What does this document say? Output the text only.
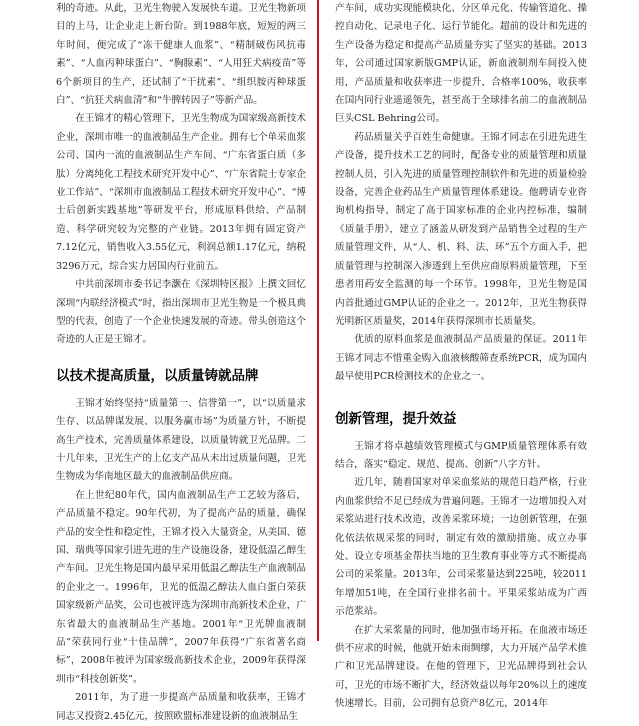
利的奇迹。从此，卫光生物驶入发展快车道。卫光生物新项目的上马，让企业走上新台阶。到1988年底，短短的两三年时间，便完成了“冻干健康人血浆”、“精制破伤风抗毒素”、“人血丙种球蛋白”、“胸腺素”、“人用狂犬病疫苗”等6个新项目的生产，还试制了“干扰素”、“组织胺丙种球蛋白”、“抗狂犬病血清”和“牛脾转因子”等新产品。

在王锦才的精心管理下，卫光生物成为国家级高新技术企业，深圳市唯一的血液制品生产企业。拥有七个单采血浆公司、国内一流的血液制品生产车间、“广东省蛋白质（多肽）分离纯化工程技术研究开发中心”、“广东省院士专家企业工作站”、“深圳市血液制品工程技术研究开发中心”、“博士后创新实践基地”等研发平台，形成原料供给、产品制造、科学研究较为完整的产业链。2013年拥有固定资产7.12亿元，销售收入3.55亿元，利润总额1.17亿元，纳税3296万元，综合实力居国内行业前五。

中共前深圳市委书记李灏在《深圳特区报》上撰文回忆深圳“内联经济模式”时，指出深圳市卫光生物是一个极具典型的代表，创造了一个企业快速发展的奇迹。带头创造这个奇迹的人正是王锦才。

以技术提高质量，以质量铸就品牌

王锦才始终坚持“质量第一、信誉第一”，以“以质量求生存、以品牌谋发展、以服务赢市场”为质量方针，不断提高生产技术，完善质量体系建设，以质量铸就卫光品牌。二十几年来，卫光生产的上亿支产品从未出过质量问题，卫光生物成为华南地区最大的血液制品供应商。

在上世纪80年代，国内血液制品生产工艺较为落后，产品质量不稳定。90年代初，为了提高产品的质量，确保产品的安全性和稳定性，王锦才投入大量资金，从美国、德国、瑞典等国家引进先进的生产设施设备，建设低温乙醇生产车间。卫光生物是国内最早采用低温乙醇法生产血液制品的企业之一。1996年，卫光的低温乙醇法人血白蛋白荣获国家级新产品奖，公司也被评选为深圳市高新技术企业，广东省最大的血液制品生产基地。2001年“卫光牌血液制品”荣获同行业“十佳品牌”，2007年获得“广东省著名商标”，2008年被评为国家级高新技术企业，2009年获得深圳市“科技创新奖”。

2011年，为了进一步提高产品质量和收获率，王锦才同志又投资2.45亿元，按照欧盟标准建设新的血液制品生

产车间，成功实现能模块化、分区单元化、传输管道化、操控自动化、记录电子化、运行节能化。超前的设计和先进的生产设备为稳定和提高产品质量夯实了坚实的基础。2013年，公司通过国家新版GMP认证，新血液制剂车间投入使用，产品质量和收获率进一步提升，合格率100%，收获率在国内同行业遥遥领先，甚至高于全球排名前二的血液制品巨头CSL Behring公司。

药品质量关乎百姓生命健康。王锦才同志在引进先进生产设备，提升技术工艺的同时，配备专业的质量管理和质量控制人员，引入先进的质量管理控制软件和先进的质量检验设备，完善企业药品生产质量管理体系建设。他聘请专业咨询机构指导，制定了高于国家标准的企业内控标准，编制《质量手册》，建立了涵盖从研发到产品销售全过程的生产质量管理文件，从“人、机、料、法、环”五个方面入手，把质量管理与控制深入渗透到上至供应商原料质量管理，下至患者用药安全监测的每一个环节。1998年，卫光生物是国内首批通过GMP认证的企业之一。2012年，卫光生物获得光明新区质量奖，2014年获得深圳市长质量奖。

优质的原料血浆是血液制品产品质量的保证。2011年王锦才同志不惜重金购入血液核酸筛查系统PCR，成为国内最早使用PCR检测技术的企业之一。

创新管理，提升效益

王锦才将卓越绩效管理模式与GMP质量管理体系有效结合，落实“稳定、规范、提高、创新”八字方针。

近几年，随着国家对单采血浆站的规范日趋严格，行业内血浆供给不足已经成为普遍问题。王锦才一边增加投入对采浆站进行技术改造，改善采浆环境；一边创新管理，在强化依法依规采浆的同时，制定有效的激励措施、成立办事处、设立专项基金帮扶当地的卫生教育事业等方式不断提高公司的采浆量。2013年，公司采浆量达到225吨，较2011年增加51吨，在全国行业排名前十。平果采浆站成为广西示范浆站。

在扩大采浆量的同时，他加强市场开拓。在血液市场还供不应求的时候，他就开始未雨绸缪，大力开展产品学术推广和卫光品牌建设。在他的管理下，卫光品牌得到社会认可，卫光的市场不断扩大，经济效益以每年20%以上的速度快速增长。目前，公司拥有总资产8亿元，2014年
